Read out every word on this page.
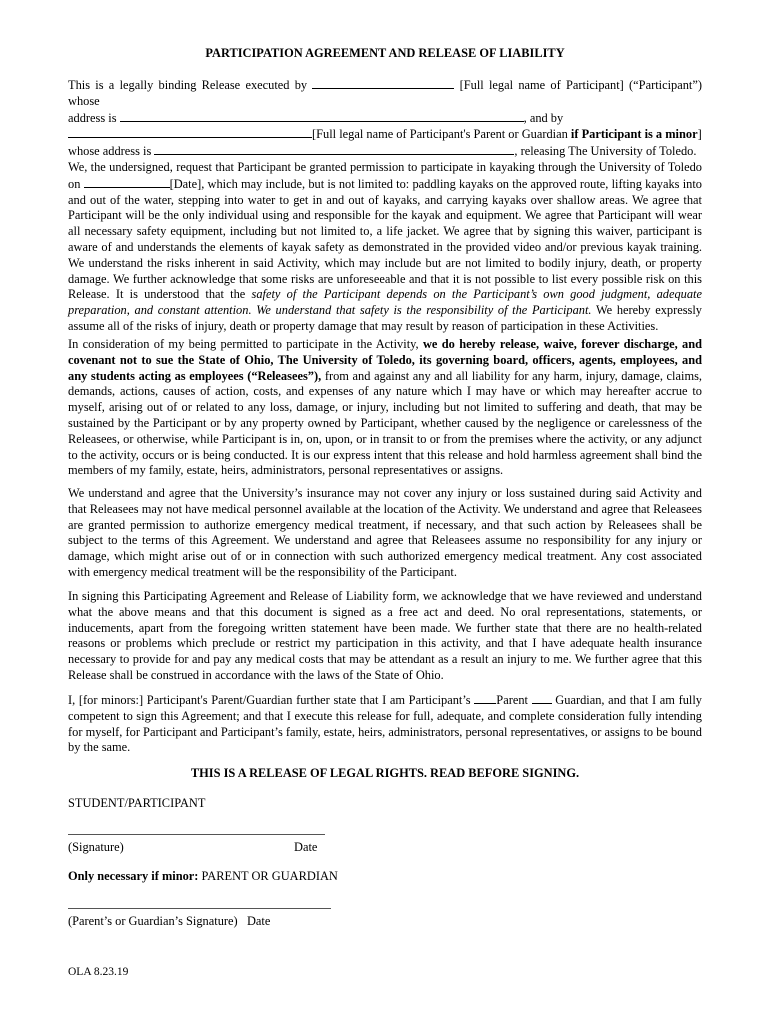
PARTICIPATION AGREEMENT AND RELEASE OF LIABILITY
This is a legally binding Release executed by	[Full legal name of Participant] (“Participant”) whose
address is	, and by
[Full legal name of Participant's Parent or Guardian if Participant is a minor]
whose address is	, releasing The University of Toledo.

We, the undersigned, request that Participant be granted permission to participate in kayaking through the University of Toledo on	[Date], which may include, but is not limited to: paddling kayaks on the approved route, lifting kayaks into and out of the water, stepping into water to get in and out of kayaks, and carrying kayaks over shallow areas. We agree that Participant will be the only individual using and responsible for the kayak and equipment. We agree that Participant will wear all necessary safety equipment, including but not limited to, a life jacket. We agree that by signing this waiver, participant is aware of and understands the elements of kayak safety as demonstrated in the provided video and/or previous kayak training. We understand the risks inherent in said Activity, which may include but are not limited to bodily injury, death, or property damage. We further acknowledge that some risks are unforeseeable and that it is not possible to list every possible risk on this Release. It is understood that the safety of the Participant depends on the Participant’s own good judgment, adequate preparation, and constant attention. We understand that safety is the responsibility of the Participant. We hereby expressly assume all of the risks of injury, death or property damage that may result by reason of participation in these Activities.

In consideration of my being permitted to participate in the Activity, we do hereby release, waive, forever discharge, and covenant not to sue the State of Ohio, The University of Toledo, its governing board, officers, agents, employees, and any students acting as employees (“Releasees”), from and against any and all liability for any harm, injury, damage, claims, demands, actions, causes of action, costs, and expenses of any nature which I may have or which may hereafter accrue to myself, arising out of or related to any loss, damage, or injury, including but not limited to suffering and death, that may be sustained by the Participant or by any property owned by Participant, whether caused by the negligence or carelessness of the Releasees, or otherwise, while Participant is in, on, upon, or in transit to or from the premises where the activity, or any adjunct to the activity, occurs or is being conducted. It is our express intent that this release and hold harmless agreement shall bind the members of my family, estate, heirs, administrators, personal representatives or assigns.

We understand and agree that the University’s insurance may not cover any injury or loss sustained during said Activity and that Releasees may not have medical personnel available at the location of the Activity. We understand and agree that Releasees are granted permission to authorize emergency medical treatment, if necessary, and that such action by Releasees shall be subject to the terms of this Agreement. We understand and agree that Releasees assume no responsibility for any injury or damage, which might arise out of or in connection with such authorized emergency medical treatment. Any cost associated with emergency medical treatment will be the responsibility of the Participant.

In signing this Participating Agreement and Release of Liability form, we acknowledge that we have reviewed and understand what the above means and that this document is signed as a free act and deed. No oral representations, statements, or inducements, apart from the foregoing written statement have been made. We further state that there are no health-related reasons or problems which preclude or restrict my participation in this activity, and that I have adequate health insurance necessary to provide for and pay any medical costs that may be attendant as a result an injury to me. We further agree that this Release shall be construed in accordance with the laws of the State of Ohio.

I, [for minors:] Participant's Parent/Guardian further state that I am Participant’s Parent  Guardian, and that I am fully competent to sign this Agreement; and that I execute this release for full, adequate, and complete consideration fully intending for myself, for Participant and Participant’s family, estate, heirs, administrators, personal representatives, or assigns to be bound by the same.

THIS IS A RELEASE OF LEGAL RIGHTS. READ BEFORE SIGNING.
STUDENT/PARTICIPANT
(Signature)	Date
Only necessary if minor: PARENT OR GUARDIAN
(Parent’s or Guardian’s Signature) Date
OLA 8.23.19
